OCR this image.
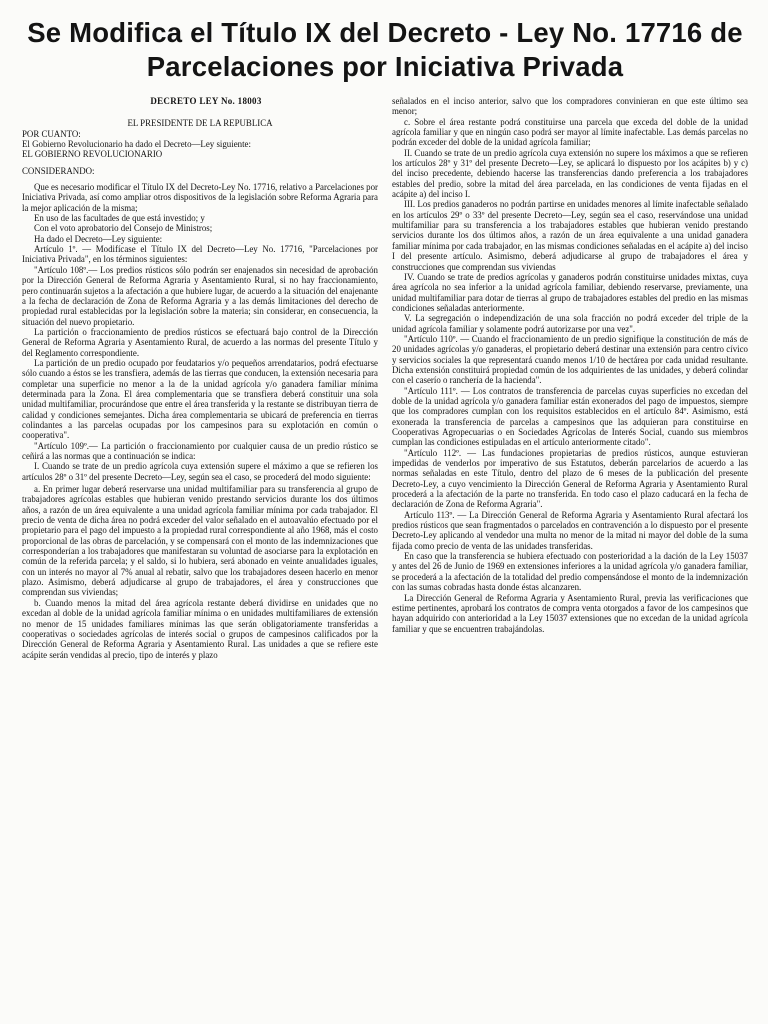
Se Modifica el Título IX del Decreto - Ley No. 17716 de Parcelaciones por Iniciativa Privada

DECRETO LEY No. 18003

EL PRESIDENTE DE LA REPUBLICA

POR CUANTO:

El Gobierno Revolucionario ha dado el Decreto—Ley siguiente:

EL GOBIERNO REVOLUCIONARIO

CONSIDERANDO:

Que es necesario modificar el Título IX del Decreto-Ley No. 17716, relativo a Parcelaciones por Iniciativa Privada, así como ampliar otros dispositivos de la legislación sobre Reforma Agraria para la mejor aplicación de la misma;

En uso de las facultades de que está investido; y

Con el voto aprobatorio del Consejo de Ministros;

Ha dado el Decreto—Ley siguiente:

Artículo 1º. — Modifícase el Título IX del Decreto—Ley No. 17716, "Parcelaciones por Iniciativa Privada", en los términos siguientes:

"Artículo 108º.— Los predios rústicos sólo podrán ser enajenados sin necesidad de aprobación por la Dirección General de Reforma Agraria y Asentamiento Rural, si no hay fraccionamiento, pero continuarán sujetos a la afectación a que hubiere lugar, de acuerdo a la situación del enajenante a la fecha de declaración de Zona de Reforma Agraria y a las demás limitaciones del derecho de propiedad rural establecidas por la legislación sobre la materia; sin considerar, en consecuencia, la situación del nuevo propietario.

La partición o fraccionamiento de predios rústicos se efectuará bajo control de la Dirección General de Reforma Agraria y Asentamiento Rural, de acuerdo a las normas del presente Título y del Reglamento correspondiente.

La partición de un predio ocupado por feudatarios y/o pequeños arrendatarios, podrá efectuarse sólo cuando a éstos se les transfiera, además de las tierras que conducen, la extensión necesaria para completar una superficie no menor a la de la unidad agrícola y/o ganadera familiar mínima determinada para la Zona. El área complementaria que se transfiera deberá constituir una sola unidad multifamiliar, procurándose que entre el área transferida y la restante se distribuyan tierra de calidad y condiciones semejantes. Dicha área complementaria se ubicará de preferencia en tierras colindantes a las parcelas ocupadas por los campesinos para su explotación en común o cooperativa".

"Artículo 109º.— La partición o fraccionamiento por cualquier causa de un predio rústico se ceñirá a las normas que a continuación se indica:

I. Cuando se trate de un predio agrícola cuya extensión supere el máximo a que se refieren los artículos 28º o 31º del presente Decreto—Ley, según sea el caso, se procederá del modo siguiente:

a. En primer lugar deberá reservarse una unidad multifamiliar para su transferencia al grupo de trabajadores agrícolas estables que hubieran venido prestando servicios durante los dos últimos años, a razón de un área equivalente a una unidad agrícola familiar mínima por cada trabajador. El precio de venta de dicha área no podrá exceder del valor señalado en el autoavalúo efectuado por el propietario para el pago del impuesto a la propiedad rural correspondiente al año 1968, más el costo proporcional de las obras de parcelación, y se compensará con el monto de las indemnizaciones que corresponderían a los trabajadores que manifestaran su voluntad de asociarse para la explotación en común de la referida parcela; y el saldo, si lo hubiera, será abonado en veinte anualidades iguales, con un interés no mayor al 7% anual al rebatir, salvo que los trabajadores deseen hacerlo en menor plazo. Asimismo, deberá adjudicarse al grupo de trabajadores, el área y construcciones que comprendan sus viviendas;

b. Cuando menos la mitad del área agrícola restante deberá dividirse en unidades que no excedan al doble de la unidad agrícola familiar mínima o en unidades multifamiliares de extensión no menor de 15 unidades familiares mínimas las que serán obligatoriamente transferidas a cooperativas o sociedades agrícolas de interés social o grupos de campesinos calificados por la Dirección General de Reforma Agraria y Asentamiento Rural. Las unidades a que se refiere este acápite serán vendidas al precio, tipo de interés y plazo

señalados en el inciso anterior, salvo que los compradores convinieran en que este último sea menor;

c. Sobre el área restante podrá constituirse una parcela que exceda del doble de la unidad agrícola familiar y que en ningún caso podrá ser mayor al límite inafectable. Las demás parcelas no podrán exceder del doble de la unidad agrícola familiar;

II. Cuando se trate de un predio agrícola cuya extensión no supere los máximos a que se refieren los artículos 28º y 31º del presente Decreto—Ley, se aplicará lo dispuesto por los acápites b) y c) del inciso precedente, debiendo hacerse las transferencias dando preferencia a los trabajadores estables del predio, sobre la mitad del área parcelada, en las condiciones de venta fijadas en el acápite a) del inciso I.

III. Los predios ganaderos no podrán partirse en unidades menores al límite inafectable señalado en los artículos 29º o 33º del presente Decreto—Ley, según sea el caso, reservándose una unidad multifamiliar para su transferencia a los trabajadores estables que hubieran venido prestando servicios durante los dos últimos años, a razón de un área equivalente a una unidad ganadera familiar mínima por cada trabajador, en las mismas condiciones señaladas en el acápite a) del inciso I del presente artículo. Asimismo, deberá adjudicarse al grupo de trabajadores el área y construcciones que comprendan sus viviendas

IV. Cuando se trate de predios agrícolas y ganaderos podrán constituirse unidades mixtas, cuya área agrícola no sea inferior a la unidad agrícola familiar, debiendo reservarse, previamente, una unidad multifamiliar para dotar de tierras al grupo de trabajadores estables del predio en las mismas condiciones señaladas anteriormente.

V. La segregación o independización de una sola fracción no podrá exceder del triple de la unidad agrícola familiar y solamente podrá autorizarse por una vez".

"Artículo 110º. — Cuando el fraccionamiento de un predio signifique la constitución de más de 20 unidades agrícolas y/o ganaderas, el propietario deberá destinar una extensión para centro cívico y servicios sociales la que representará cuando menos 1/10 de hectárea por cada unidad resultante. Dicha extensión constituirá propiedad común de los adquirientes de las unidades, y deberá colindar con el caserío o ranchería de la hacienda".

"Artículo 111º. — Los contratos de transferencia de parcelas cuyas superficies no excedan del doble de la unidad agrícola y/o ganadera familiar están exonerados del pago de impuestos, siempre que los compradores cumplan con los requisitos establecidos en el artículo 84º. Asimismo, está exonerada la transferencia de parcelas a campesinos que las adquieran para constituirse en Cooperativas Agropecuarias o en Sociedades Agrícolas de Interés Social, cuando sus miembros cumplan las condiciones estipuladas en el artículo anteriormente citado".

"Artículo 112º. — Las fundaciones propietarias de predios rústicos, aunque estuvieran impedidas de venderlos por imperativo de sus Estatutos, deberán parcelarios de acuerdo a las normas señaladas en este Título, dentro del plazo de 6 meses de la publicación del presente Decreto-Ley, a cuyo vencimiento la Dirección General de Reforma Agraria y Asentamiento Rural procederá a la afectación de la parte no transferida. En todo caso el plazo caducará en la fecha de declaración de Zona de Reforma Agraria".

Artículo 113º. — La Dirección General de Reforma Agraria y Asentamiento Rural afectará los predios rústicos que sean fragmentados o parcelados en contravención a lo dispuesto por el presente Decreto-Ley aplicando al vendedor una multa no menor de la mitad ni mayor del doble de la suma fijada como precio de venta de las unidades transferidas.

En caso que la transferencia se hubiera efectuado con posterioridad a la dación de la Ley 15037 y antes del 26 de Junio de 1969 en extensiones inferiores a la unidad agrícola y/o ganadera familiar, se procederá a la afectación de la totalidad del predio compensándose el monto de la indemnización con las sumas cobradas hasta donde éstas alcanzaren.

La Dirección General de Reforma Agraria y Asentamiento Rural, previa las verificaciones que estime pertinentes, aprobará los contratos de compra venta otorgados a favor de los campesinos que hayan adquirido con anterioridad a la Ley 15037 extensiones que no excedan de la unidad agrícola familiar y que se encuentren trabajándolas.
